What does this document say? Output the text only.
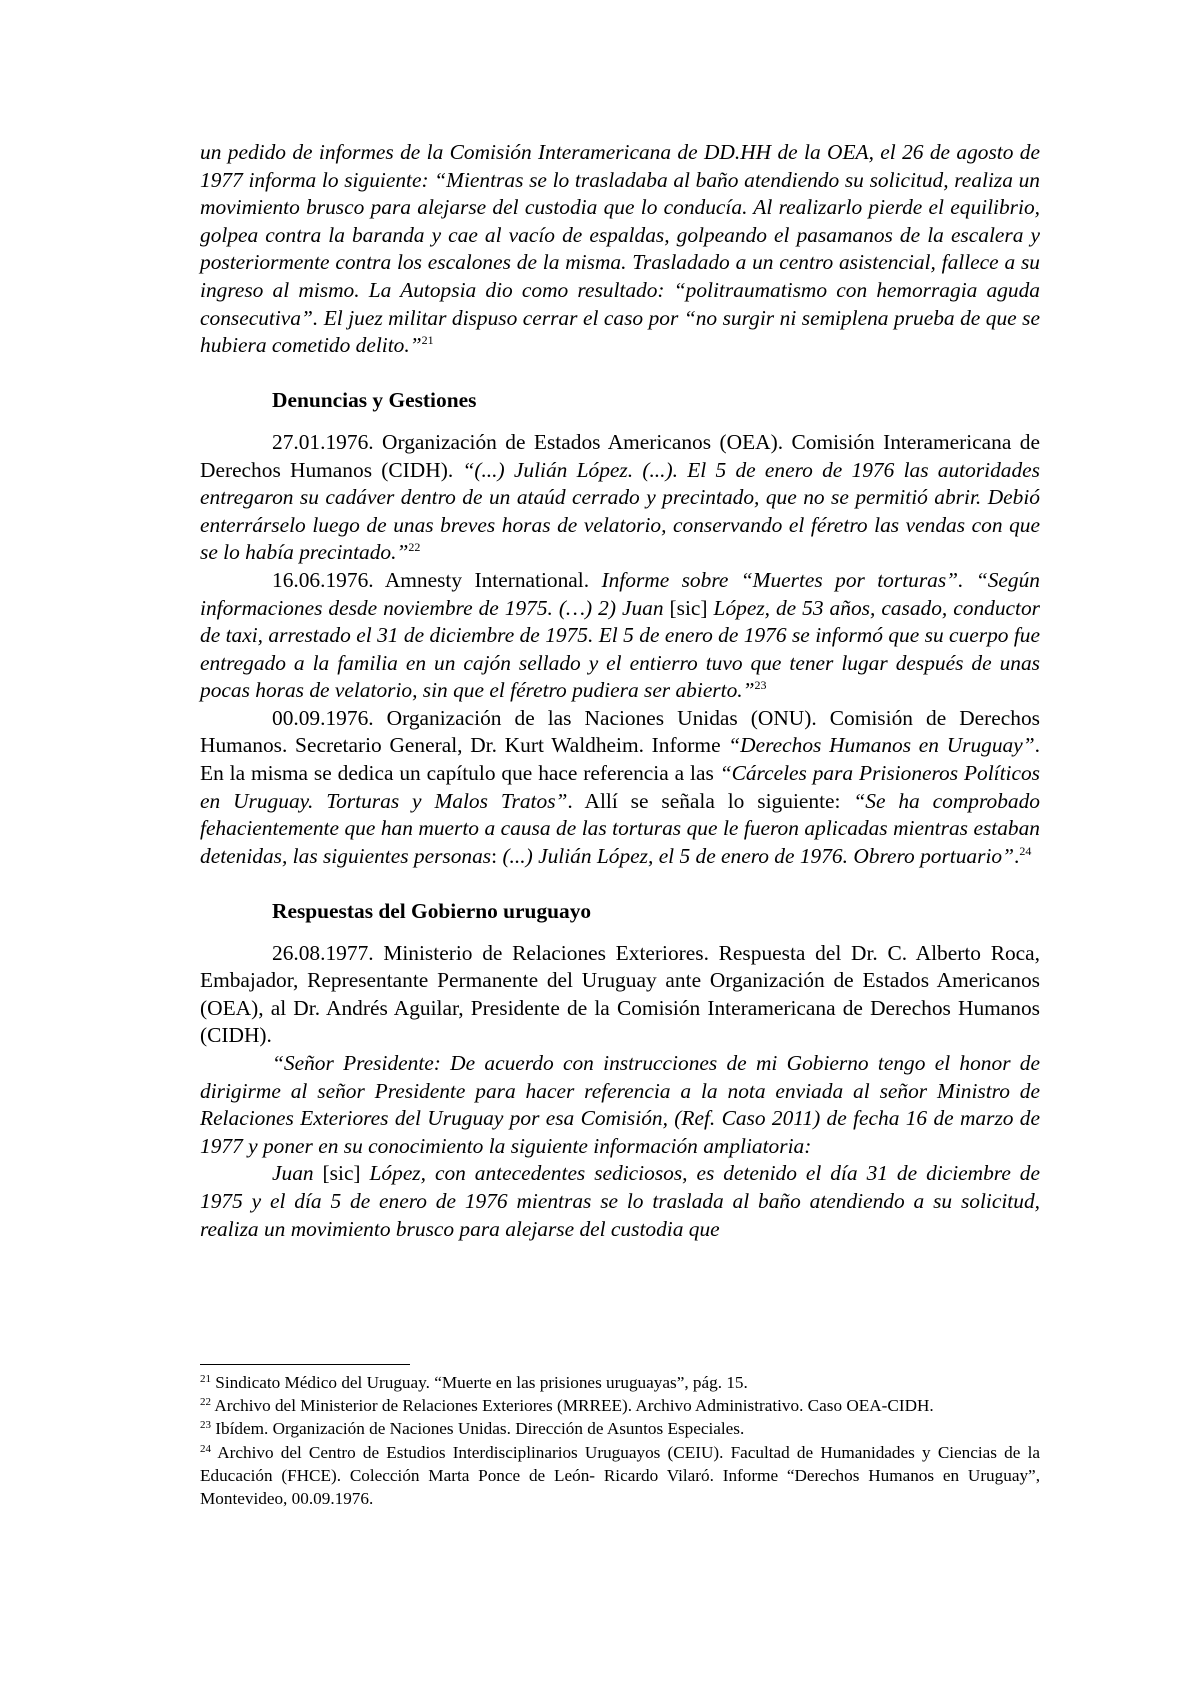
un pedido de informes de la Comisión Interamericana de DD.HH de la OEA, el 26 de agosto de 1977 informa lo siguiente: “Mientras se lo trasladaba al baño atendiendo su solicitud, realiza un movimiento brusco para alejarse del custodia que lo conducía. Al realizarlo pierde el equilibrio, golpea contra la baranda y cae al vacío de espaldas, golpeando el pasamanos de la escalera y posteriormente contra los escalones de la misma. Trasladado a un centro asistencial, fallece a su ingreso al mismo. La Autopsia dio como resultado: “politraumatismo con hemorragia aguda consecutiva”. El juez militar dispuso cerrar el caso por “no surgir ni semiplena prueba de que se hubiera cometido delito.”$^{21}$

Denuncias y Gestiones

27.01.1976. Organización de Estados Americanos (OEA). Comisión Interamericana de Derechos Humanos (CIDH). “(...) Julián López. (...). El 5 de enero de 1976 las autoridades entregaron su cadáver dentro de un ataúd cerrado y precintado, que no se permitió abrir. Debió enterrárselo luego de unas breves horas de velatorio, conservando el féretro las vendas con que se lo había precintado.”$^{22}$

16.06.1976. Amnesty International. Informe sobre “Muertes por torturas”. “Según informaciones desde noviembre de 1975. (…) 2) Juan [sic] López, de 53 años, casado, conductor de taxi, arrestado el 31 de diciembre de 1975. El 5 de enero de 1976 se informó que su cuerpo fue entregado a la familia en un cajón sellado y el entierro tuvo que tener lugar después de unas pocas horas de velatorio, sin que el féretro pudiera ser abierto.”$^{23}$

00.09.1976. Organización de las Naciones Unidas (ONU). Comisión de Derechos Humanos. Secretario General, Dr. Kurt Waldheim. Informe “Derechos Humanos en Uruguay”. En la misma se dedica un capítulo que hace referencia a las “Cárceles para Prisioneros Políticos en Uruguay. Torturas y Malos Tratos”. Allí se señala lo siguiente: “Se ha comprobado fehacientemente que han muerto a causa de las torturas que le fueron aplicadas mientras estaban detenidas, las siguientes personas: (...) Julián López, el 5 de enero de 1976. Obrero portuario”.$^{24}$

Respuestas del Gobierno uruguayo

26.08.1977. Ministerio de Relaciones Exteriores. Respuesta del Dr. C. Alberto Roca, Embajador, Representante Permanente del Uruguay ante Organización de Estados Americanos (OEA), al Dr. Andrés Aguilar, Presidente de la Comisión Interamericana de Derechos Humanos (CIDH).

“Señor Presidente: De acuerdo con instrucciones de mi Gobierno tengo el honor de dirigirme al señor Presidente para hacer referencia a la nota enviada al señor Ministro de Relaciones Exteriores del Uruguay por esa Comisión, (Ref. Caso 2011) de fecha 16 de marzo de 1977 y poner en su conocimiento la siguiente información ampliatoria:

Juan [sic] López, con antecedentes sediciosos, es detenido el día 31 de diciembre de 1975 y el día 5 de enero de 1976 mientras se lo traslada al baño atendiendo a su solicitud, realiza un movimiento brusco para alejarse del custodia que

$^{21}$ Sindicato Médico del Uruguay. “Muerte en las prisiones uruguayas”, pág. 15.

$^{22}$ Archivo del Ministerior de Relaciones Exteriores (MRREE). Archivo Administrativo. Caso OEA-CIDH.

$^{23}$ Ibídem. Organización de Naciones Unidas. Dirección de Asuntos Especiales.

$^{24}$ Archivo del Centro de Estudios Interdisciplinarios Uruguayos (CEIU). Facultad de Humanidades y Ciencias de la Educación (FHCE). Colección Marta Ponce de León- Ricardo Vilaró. Informe “Derechos Humanos en Uruguay”, Montevideo, 00.09.1976.
